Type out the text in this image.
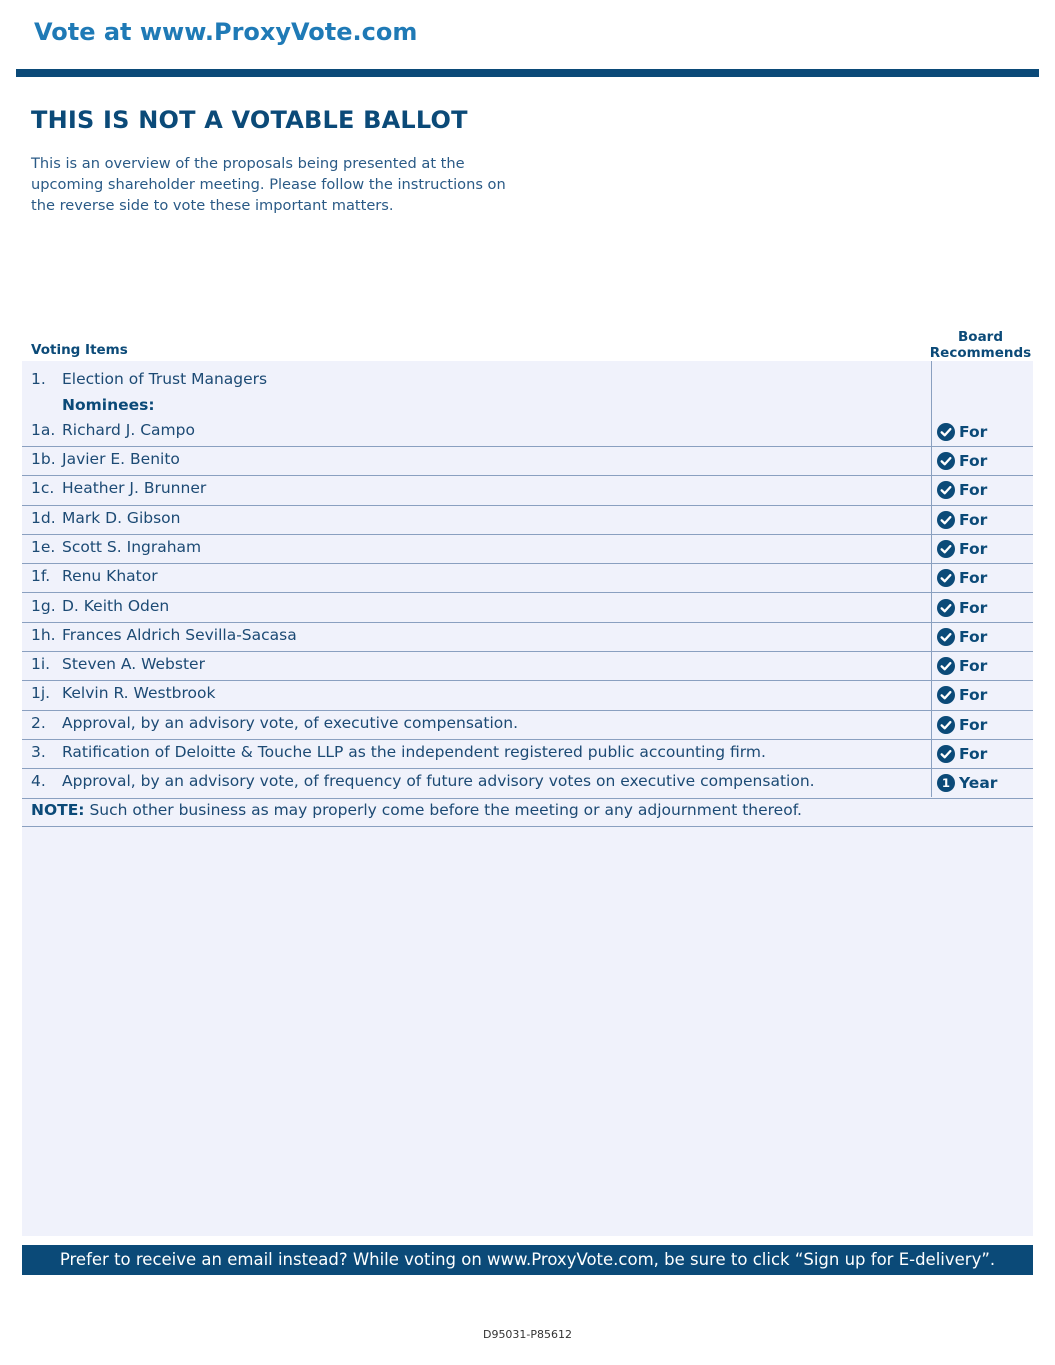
Vote at www.ProxyVote.com
THIS IS NOT A VOTABLE BALLOT

This is an overview of the proposals being presented at the upcoming shareholder meeting. Please follow the instructions on the reverse side to vote these important matters.

Voting Items
Board
Recommends
1. Election of Trust Managers
Nominees:
1a. Richard J. Campo	For
1b. Javier E. Benito	For
1c. Heather J. Brunner	For
1d. Mark D. Gibson	For
1e. Scott S. Ingraham	For
1f. Renu Khator	For
1g. D. Keith Oden	For
1h. Frances Aldrich Sevilla-Sacasa	For
1i. Steven A. Webster	For
1j. Kelvin R. Westbrook	For
2. Approval, by an advisory vote, of executive compensation.	For
3. Ratification of Deloitte & Touche LLP as the independent registered public accounting firm.	For
4. Approval, by an advisory vote, of frequency of future advisory votes on executive compensation.	1 Year
NOTE: Such other business as may properly come before the meeting or any adjournment thereof.
Prefer to receive an email instead? While voting on www.ProxyVote.com, be sure to click “Sign up for E-delivery”.
D95031-P85612
